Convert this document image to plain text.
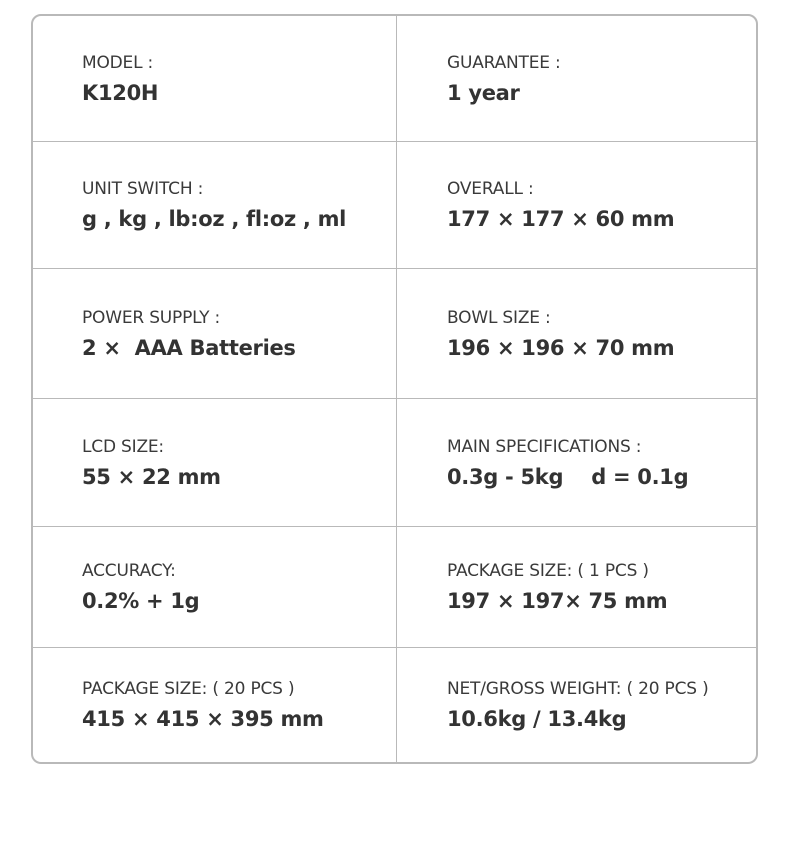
MODEL :
K120H
GUARANTEE :
1 year
UNIT SWITCH :
g , kg , lb:oz , fl:oz , ml
OVERALL :
177 × 177 × 60 mm
POWER SUPPLY :
2 ×  AAA Batteries
BOWL SIZE :
196 × 196 × 70 mm
LCD SIZE:
55 × 22 mm
MAIN SPECIFICATIONS :
0.3g - 5kg    d = 0.1g
ACCURACY:
0.2% + 1g
PACKAGE SIZE: ( 1 PCS )
197 × 197× 75 mm
PACKAGE SIZE: ( 20 PCS )
415 × 415 × 395 mm
NET/GROSS WEIGHT: ( 20 PCS )
10.6kg / 13.4kg
